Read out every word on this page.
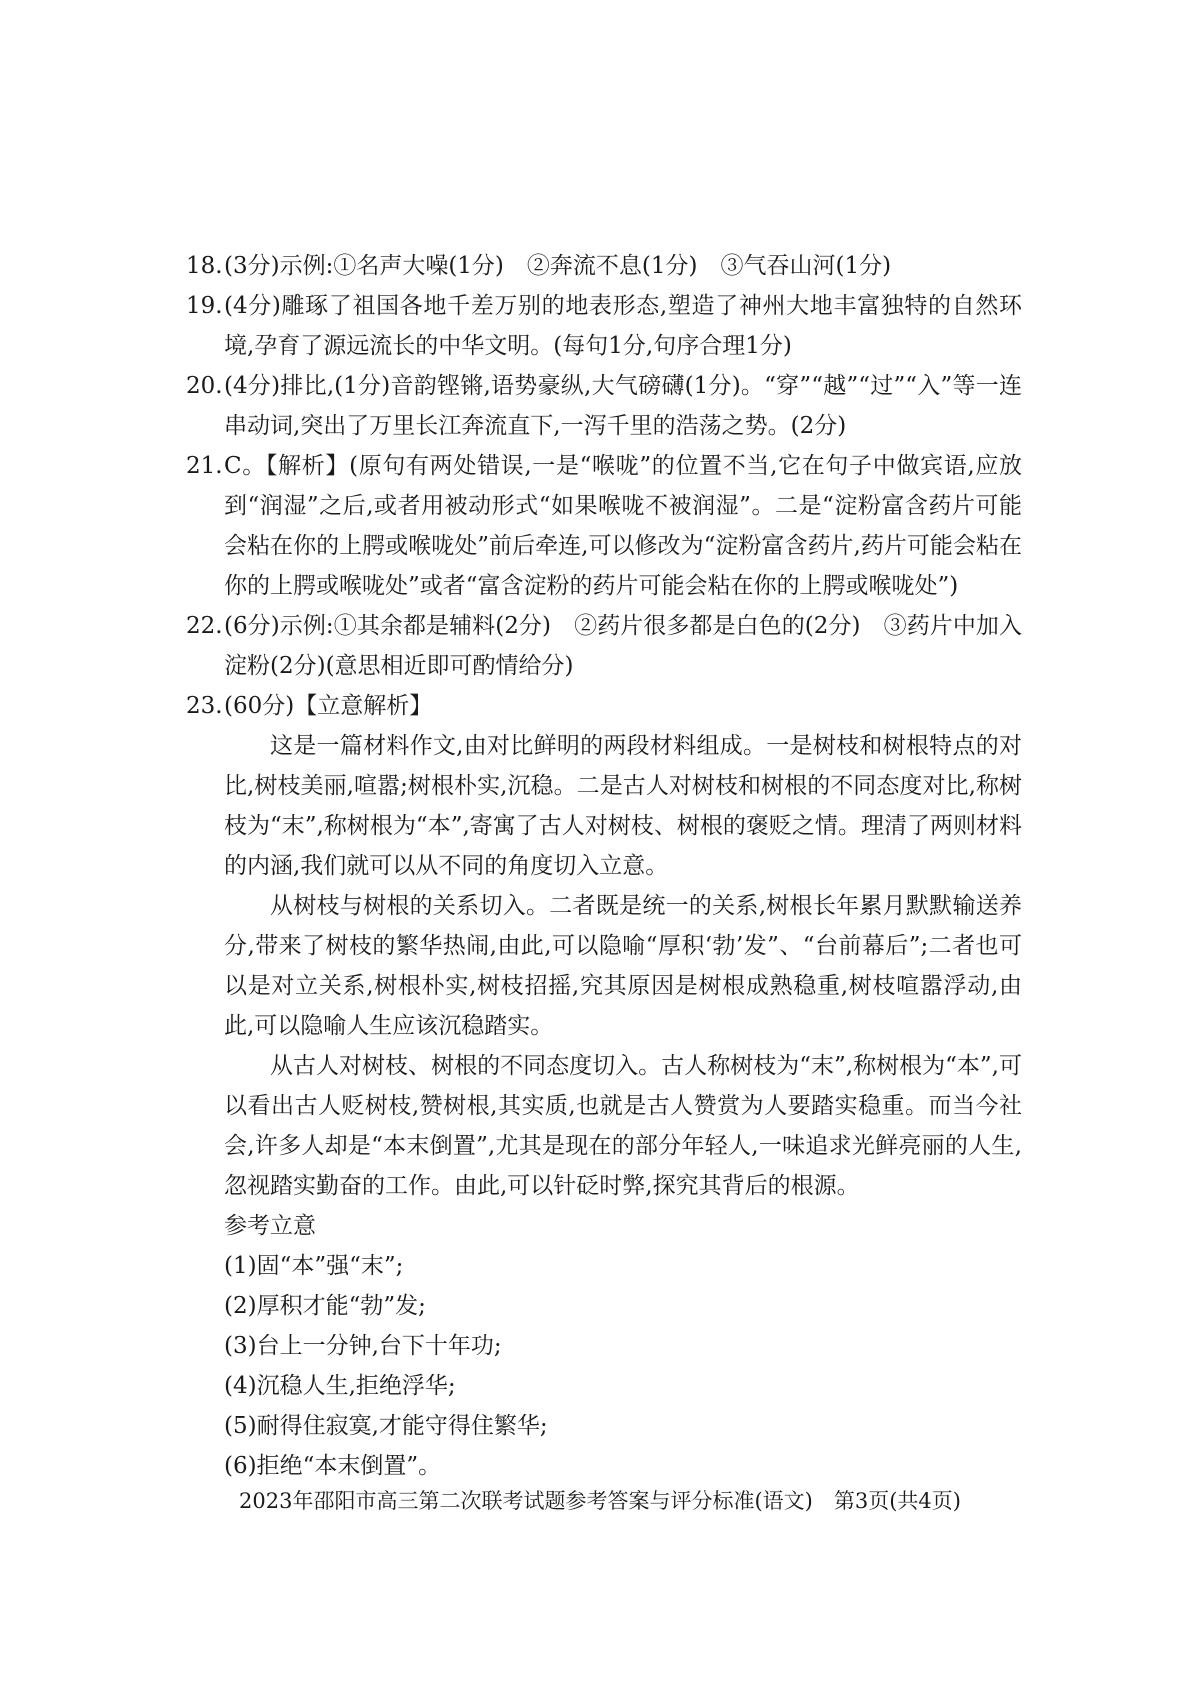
18. (3分)示例:①名声大噪(1分)　②奔流不息(1分)　③气吞山河(1分)

19. (4分)雕琢了祖国各地千差万别的地表形态,塑造了神州大地丰富独特的自然环境,孕育了源远流长的中华文明。(每句1分,句序合理1分)

20. (4分)排比,(1分)音韵铿锵,语势豪纵,大气磅礴(1分)。“穿”“越”“过”“入”等一连串动词,突出了万里长江奔流直下,一泻千里的浩荡之势。(2分)

21. C。【解析】(原句有两处错误,一是“喉咙”的位置不当,它在句子中做宾语,应放到“润湿”之后,或者用被动形式“如果喉咙不被润湿”。二是“淀粉富含药片可能会粘在你的上腭或喉咙处”前后牵连,可以修改为“淀粉富含药片,药片可能会粘在你的上腭或喉咙处”或者“富含淀粉的药片可能会粘在你的上腭或喉咙处”)

22. (6分)示例:①其余都是辅料(2分)　②药片很多都是白色的(2分)　③药片中加入淀粉(2分)(意思相近即可酌情给分)

23. (60分)【立意解析】

这是一篇材料作文,由对比鲜明的两段材料组成。一是树枝和树根特点的对比,树枝美丽,喧嚣;树根朴实,沉稳。二是古人对树枝和树根的不同态度对比,称树枝为“末”,称树根为“本”,寄寓了古人对树枝、树根的褒贬之情。理清了两则材料的内涵,我们就可以从不同的角度切入立意。

从树枝与树根的关系切入。二者既是统一的关系,树根长年累月默默输送养分,带来了树枝的繁华热闹,由此,可以隐喻“厚积‘勃’发”、“台前幕后”;二者也可以是对立关系,树根朴实,树枝招摇,究其原因是树根成熟稳重,树枝喧嚣浮动,由此,可以隐喻人生应该沉稳踏实。

从古人对树枝、树根的不同态度切入。古人称树枝为“末”,称树根为“本”,可以看出古人贬树枝,赞树根,其实质,也就是古人赞赏为人要踏实稳重。而当今社会,许多人却是“本末倒置”,尤其是现在的部分年轻人,一味追求光鲜亮丽的人生,忽视踏实勤奋的工作。由此,可以针砭时弊,探究其背后的根源。

参考立意

(1)固“本”强“末”;
(2)厚积才能“勃”发;
(3)台上一分钟,台下十年功;
(4)沉稳人生,拒绝浮华;
(5)耐得住寂寞,才能守得住繁华;
(6)拒绝“本末倒置”。
2023年邵阳市高三第二次联考试题参考答案与评分标准(语文)　第3页(共4页)
